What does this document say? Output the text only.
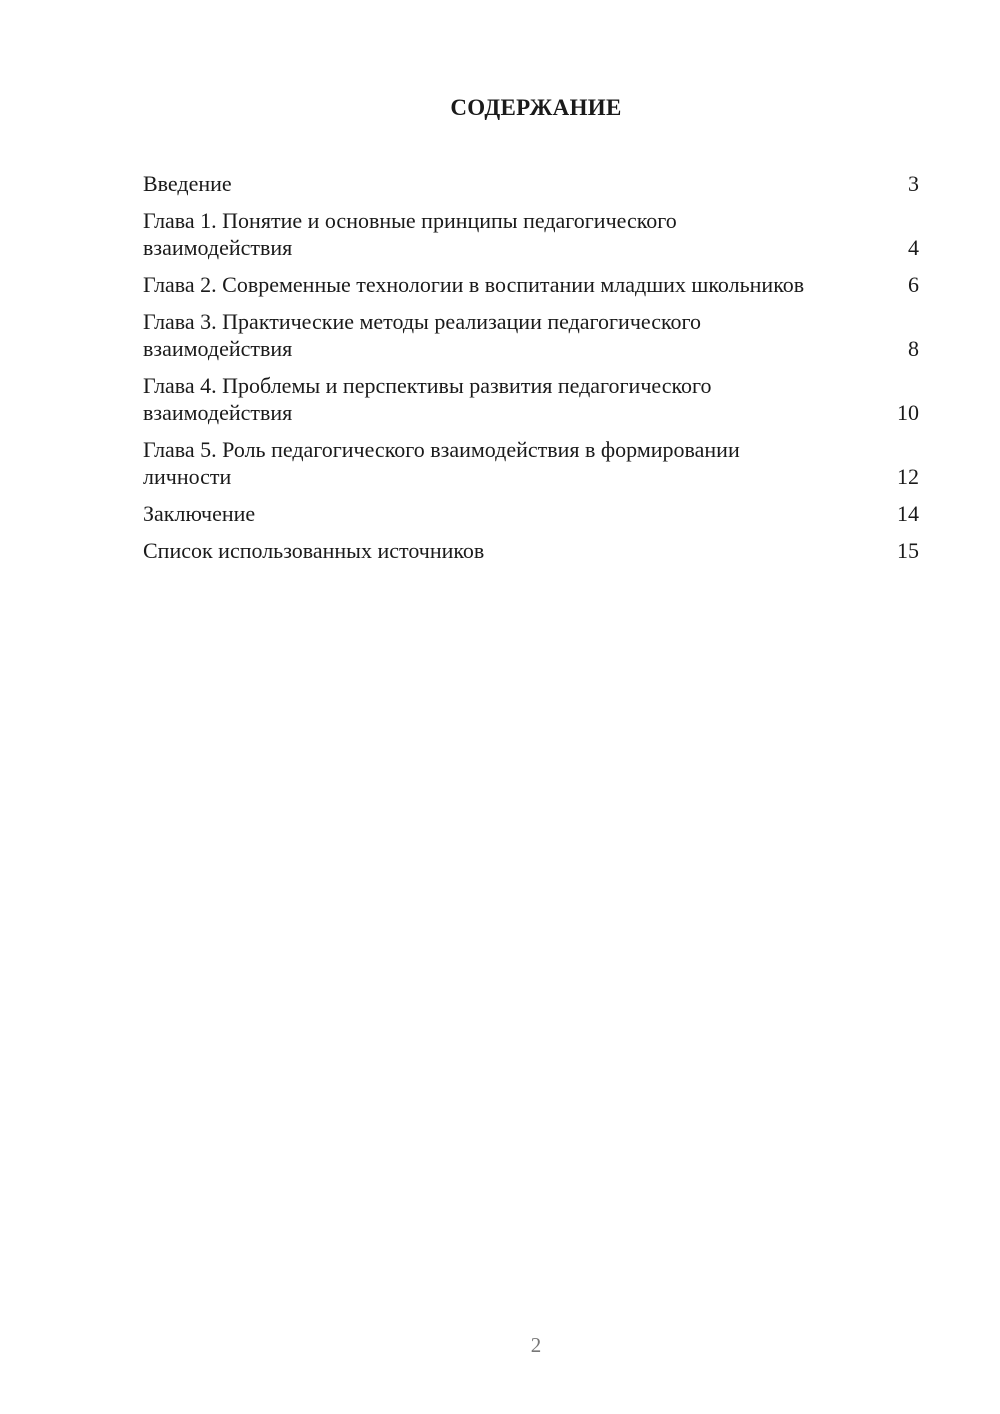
СОДЕРЖАНИЕ
Введение	3
Глава 1. Понятие и основные принципы педагогического взаимодействия	4
Глава 2. Современные технологии в воспитании младших школьников	6
Глава 3. Практические методы реализации педагогического взаимодействия	8
Глава 4. Проблемы и перспективы развития педагогического взаимодействия	10
Глава 5. Роль педагогического взаимодействия в формировании личности	12
Заключение	14
Список использованных источников	15
2
